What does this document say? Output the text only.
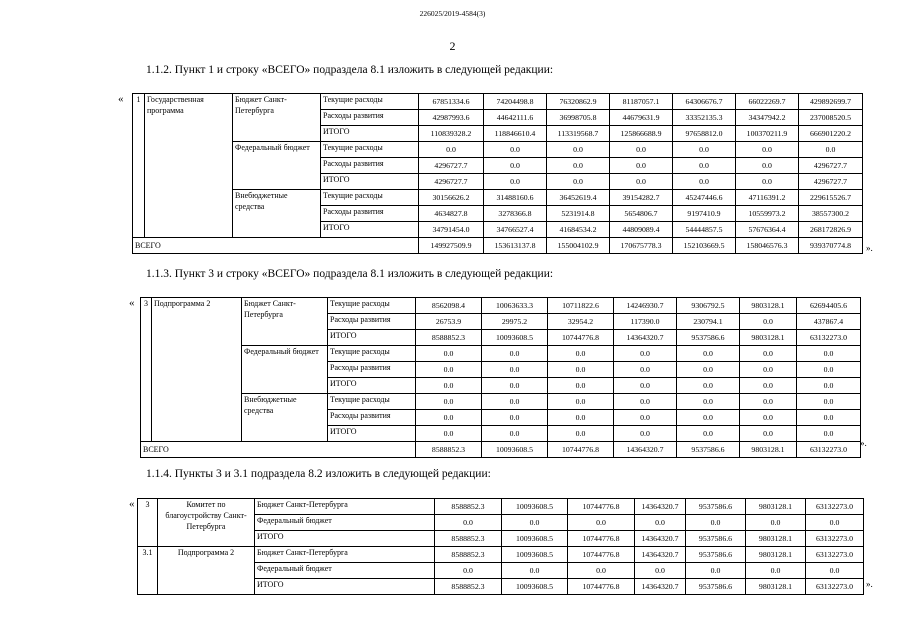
226025/2019-4584(3)
2
1.1.2. Пункт 1 и строку «ВСЕГО» подраздела 8.1 изложить в следующей редакции:
« 1	Государственная программа	Бюджет Санкт-Петербурга	Текущие расходы	67851334.6	74204498.8	76320862.9	81187057.1	64306676.7	66022269.7	429892699.7
			Расходы развития	42987993.6	44642111.6	36998705.8	44679631.9	33352135.3	34347942.2	237008520.5
			ИТОГО	110839328.2	118846610.4	113319568.7	125866688.9	97658812.0	100370211.9	666901220.2
		Федеральный бюджет	Текущие расходы	0.0	0.0	0.0	0.0	0.0	0.0	0.0
			Расходы развития	4296727.7	0.0	0.0	0.0	0.0	0.0	4296727.7
			ИТОГО	4296727.7	0.0	0.0	0.0	0.0	0.0	4296727.7
		Внебюджетные средства	Текущие расходы	30156626.2	31488160.6	36452619.4	39154282.7	45247446.6	47116391.2	229615526.7
			Расходы развития	4634827.8	3278366.8	5231914.8	5654806.7	9197410.9	10559973.2	38557300.2
			ИТОГО	34791454.0	34766527.4	41684534.2	44809089.4	54444857.5	57676364.4	268172826.9
ВСЕГО				149927509.9	153613137.8	155004102.9	170675778.3	152103669.5	158046576.3	939370774.8 ».
1.1.3. Пункт 3 и строку «ВСЕГО» подраздела 8.1 изложить в следующей редакции:
« 3	Подпрограмма 2	Бюджет Санкт-Петербурга	Текущие расходы	8562098.4	10063633.3	10711822.6	14246930.7	9306792.5	9803128.1	62694405.6
			Расходы развития	26753.9	29975.2	32954.2	117390.0	230794.1	0.0	437867.4
			ИТОГО	8588852.3	10093608.5	10744776.8	14364320.7	9537586.6	9803128.1	63132273.0
		Федеральный бюджет	Текущие расходы	0.0	0.0	0.0	0.0	0.0	0.0	0.0
			Расходы развития	0.0	0.0	0.0	0.0	0.0	0.0	0.0
			ИТОГО	0.0	0.0	0.0	0.0	0.0	0.0	0.0
		Внебюджетные средства	Текущие расходы	0.0	0.0	0.0	0.0	0.0	0.0	0.0
			Расходы развития	0.0	0.0	0.0	0.0	0.0	0.0	0.0
			ИТОГО	0.0	0.0	0.0	0.0	0.0	0.0	0.0
ВСЕГО				8588852.3	10093608.5	10744776.8	14364320.7	9537586.6	9803128.1	63132273.0
».
1.1.4. Пункты 3 и 3.1 подраздела 8.2 изложить в следующей редакции:
« 3	Комитет по благоустройству Санкт-Петербурга	Бюджет Санкт-Петербурга	8588852.3	10093608.5	10744776.8	14364320.7	9537586.6	9803128.1	63132273.0
		Федеральный бюджет	0.0	0.0	0.0	0.0	0.0	0.0	0.0
		ИТОГО	8588852.3	10093608.5	10744776.8	14364320.7	9537586.6	9803128.1	63132273.0
3.1	Подпрограмма 2	Бюджет Санкт-Петербурга	8588852.3	10093608.5	10744776.8	14364320.7	9537586.6	9803128.1	63132273.0
		Федеральный бюджет	0.0	0.0	0.0	0.0	0.0	0.0	0.0
		ИТОГО	8588852.3	10093608.5	10744776.8	14364320.7	9537586.6	9803128.1	63132273.0 ».
